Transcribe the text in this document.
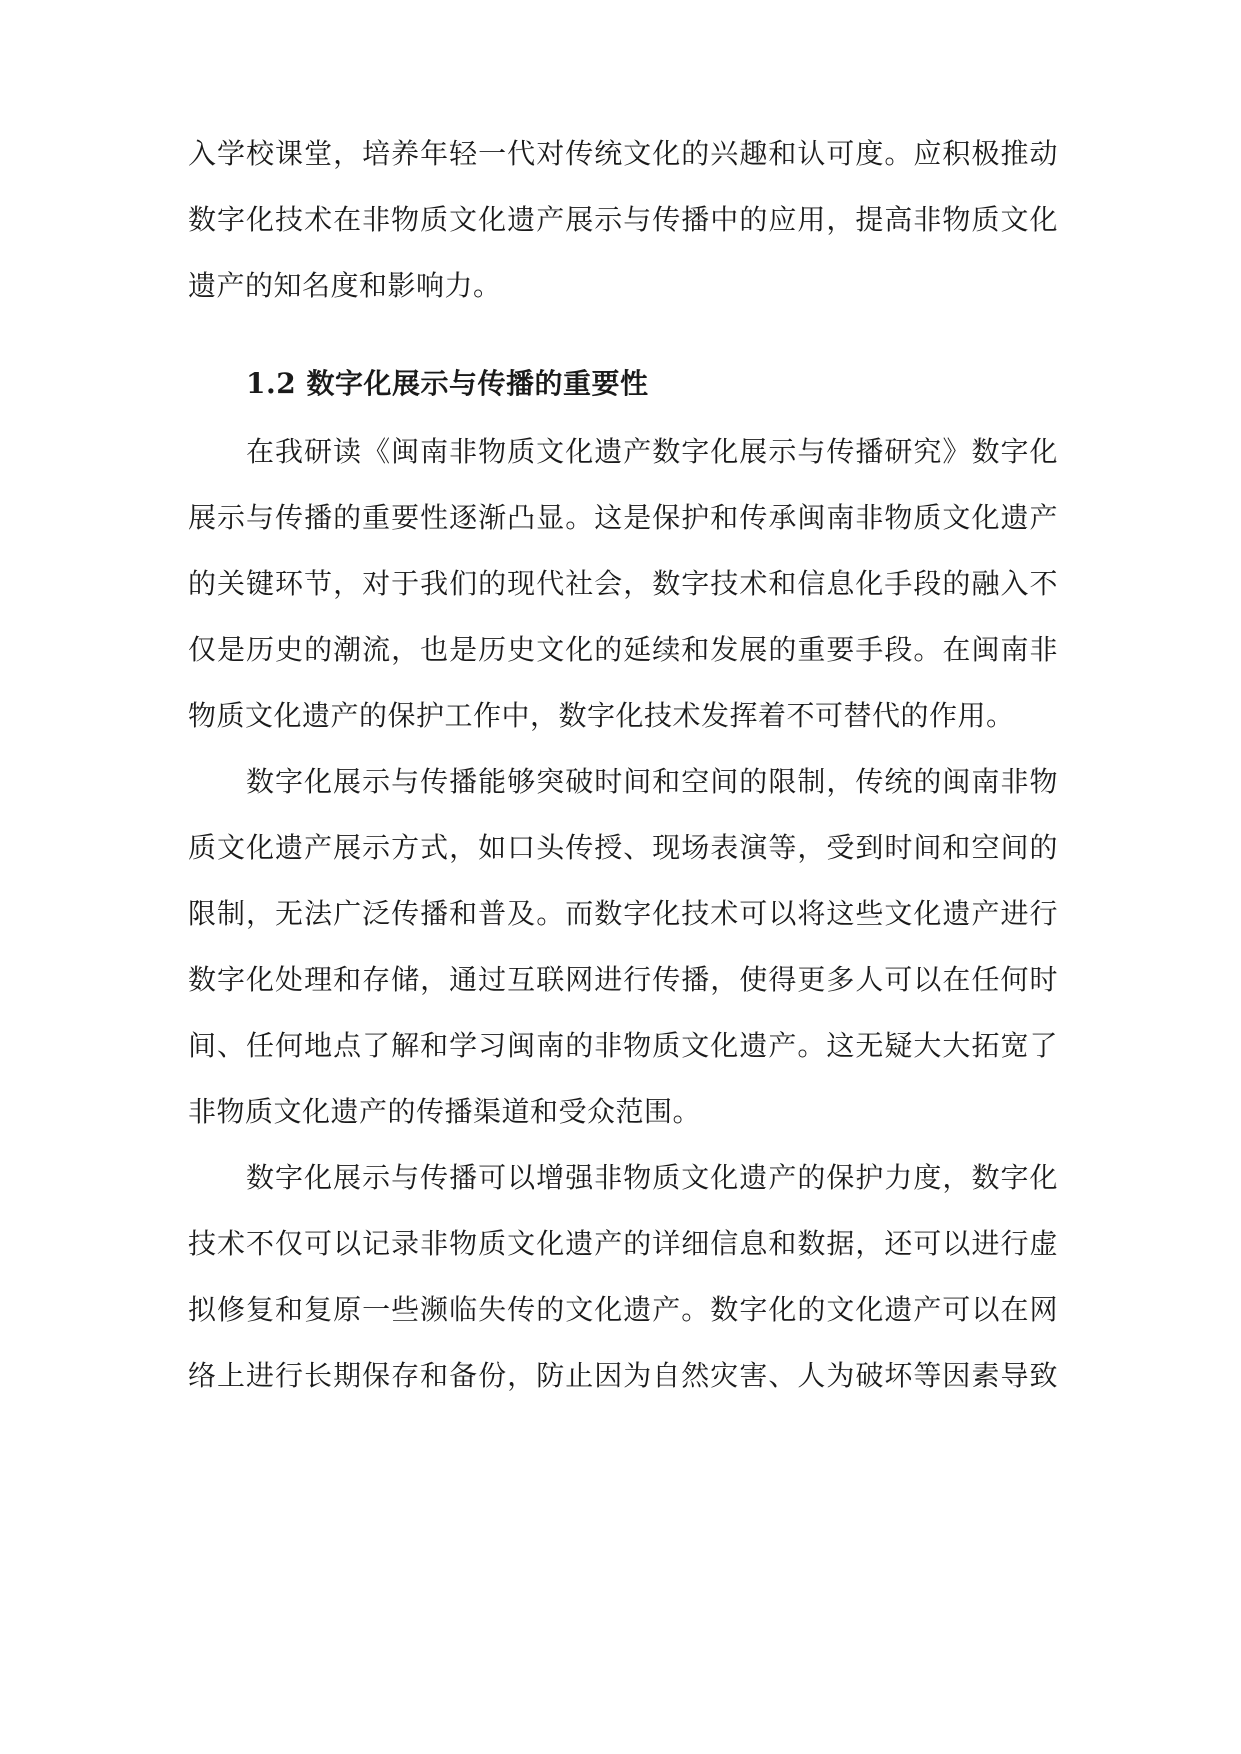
入学校课堂，培养年轻一代对传统文化的兴趣和认可度。应积极推动
数字化技术在非物质文化遗产展示与传播中的应用，提高非物质文化
遗产的知名度和影响力。
1.2 数字化展示与传播的重要性
在我研读《闽南非物质文化遗产数字化展示与传播研究》数字化
展示与传播的重要性逐渐凸显。这是保护和传承闽南非物质文化遗产
的关键环节，对于我们的现代社会，数字技术和信息化手段的融入不
仅是历史的潮流，也是历史文化的延续和发展的重要手段。在闽南非
物质文化遗产的保护工作中，数字化技术发挥着不可替代的作用。
数字化展示与传播能够突破时间和空间的限制，传统的闽南非物
质文化遗产展示方式，如口头传授、现场表演等，受到时间和空间的
限制，无法广泛传播和普及。而数字化技术可以将这些文化遗产进行
数字化处理和存储，通过互联网进行传播，使得更多人可以在任何时
间、任何地点了解和学习闽南的非物质文化遗产。这无疑大大拓宽了
非物质文化遗产的传播渠道和受众范围。
数字化展示与传播可以增强非物质文化遗产的保护力度，数字化
技术不仅可以记录非物质文化遗产的详细信息和数据，还可以进行虚
拟修复和复原一些濒临失传的文化遗产。数字化的文化遗产可以在网
络上进行长期保存和备份，防止因为自然灾害、人为破坏等因素导致
